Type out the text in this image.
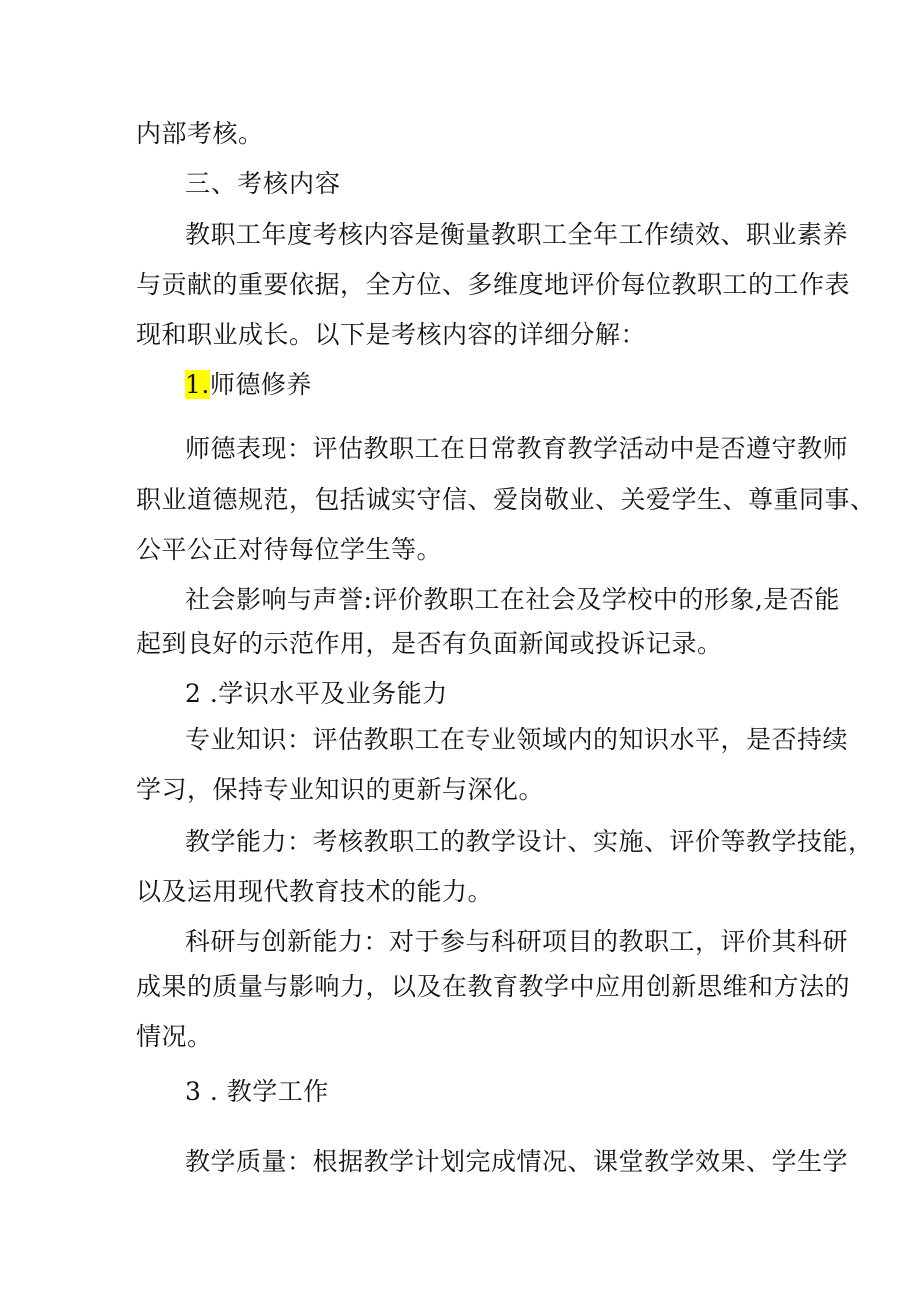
内部考核。

三、考核内容

教职工年度考核内容是衡量教职工全年工作绩效、职业素养

与贡献的重要依据，全方位、多维度地评价每位教职工的工作表

现和职业成长。以下是考核内容的详细分解：

1.师德修养

师德表现：评估教职工在日常教育教学活动中是否遵守教师

职业道德规范，包括诚实守信、爱岗敬业、关爱学生、尊重同事、

公平公正对待每位学生等。

社会影响与声誉:评价教职工在社会及学校中的形象,是否能

起到良好的示范作用，是否有负面新闻或投诉记录。

2 .学识水平及业务能力

专业知识：评估教职工在专业领域内的知识水平，是否持续

学习，保持专业知识的更新与深化。

教学能力：考核教职工的教学设计、实施、评价等教学技能，

以及运用现代教育技术的能力。

科研与创新能力：对于参与科研项目的教职工，评价其科研

成果的质量与影响力，以及在教育教学中应用创新思维和方法的

情况。

3 . 教学工作

教学质量：根据教学计划完成情况、课堂教学效果、学生学
